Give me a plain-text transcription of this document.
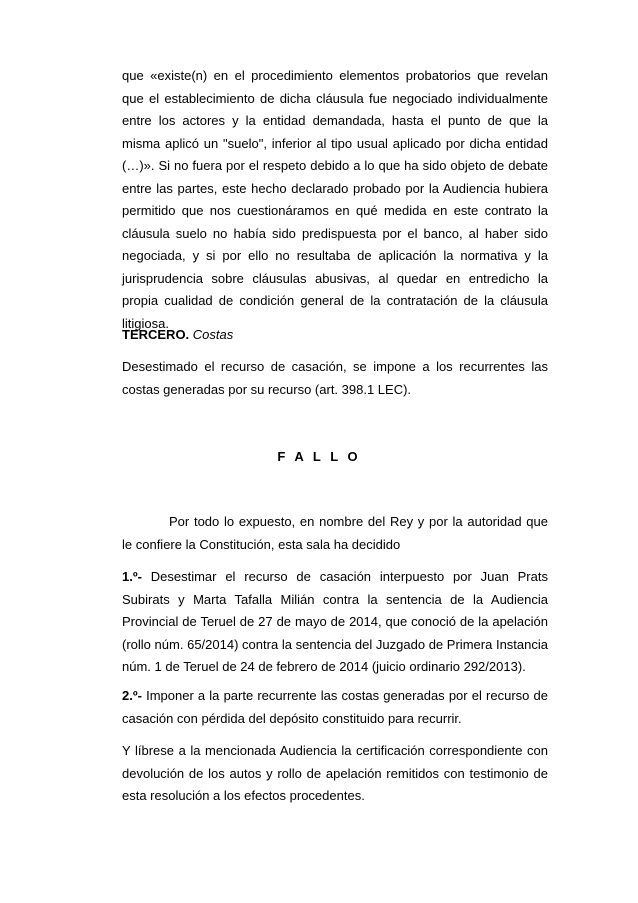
que «existe(n) en el procedimiento elementos probatorios que revelan que el establecimiento de dicha cláusula fue negociado individualmente entre los actores y la entidad demandada, hasta el punto de que la misma aplicó un "suelo", inferior al tipo usual aplicado por dicha entidad (…)». Si no fuera por el respeto debido a lo que ha sido objeto de debate entre las partes, este hecho declarado probado por la Audiencia hubiera permitido que nos cuestionáramos en qué medida en este contrato la cláusula suelo no había sido predispuesta por el banco, al haber sido negociada, y si por ello no resultaba de aplicación la normativa y la jurisprudencia sobre cláusulas abusivas, al quedar en entredicho la propia cualidad de condición general de la contratación de la cláusula litigiosa.

TERCERO. Costas

Desestimado el recurso de casación, se impone a los recurrentes las costas generadas por su recurso (art. 398.1 LEC).

F A L L O

Por todo lo expuesto, en nombre del Rey y por la autoridad que le confiere la Constitución, esta sala ha decidido

1.º- Desestimar el recurso de casación interpuesto por Juan Prats Subirats y Marta Tafalla Milián contra la sentencia de la Audiencia Provincial de Teruel de 27 de mayo de 2014, que conoció de la apelación (rollo núm. 65/2014) contra la sentencia del Juzgado de Primera Instancia núm. 1 de Teruel de 24 de febrero de 2014 (juicio ordinario 292/2013).

2.º- Imponer a la parte recurrente las costas generadas por el recurso de casación con pérdida del depósito constituido para recurrir.

Y líbrese a la mencionada Audiencia la certificación correspondiente con devolución de los autos y rollo de apelación remitidos con testimonio de esta resolución a los efectos procedentes.
